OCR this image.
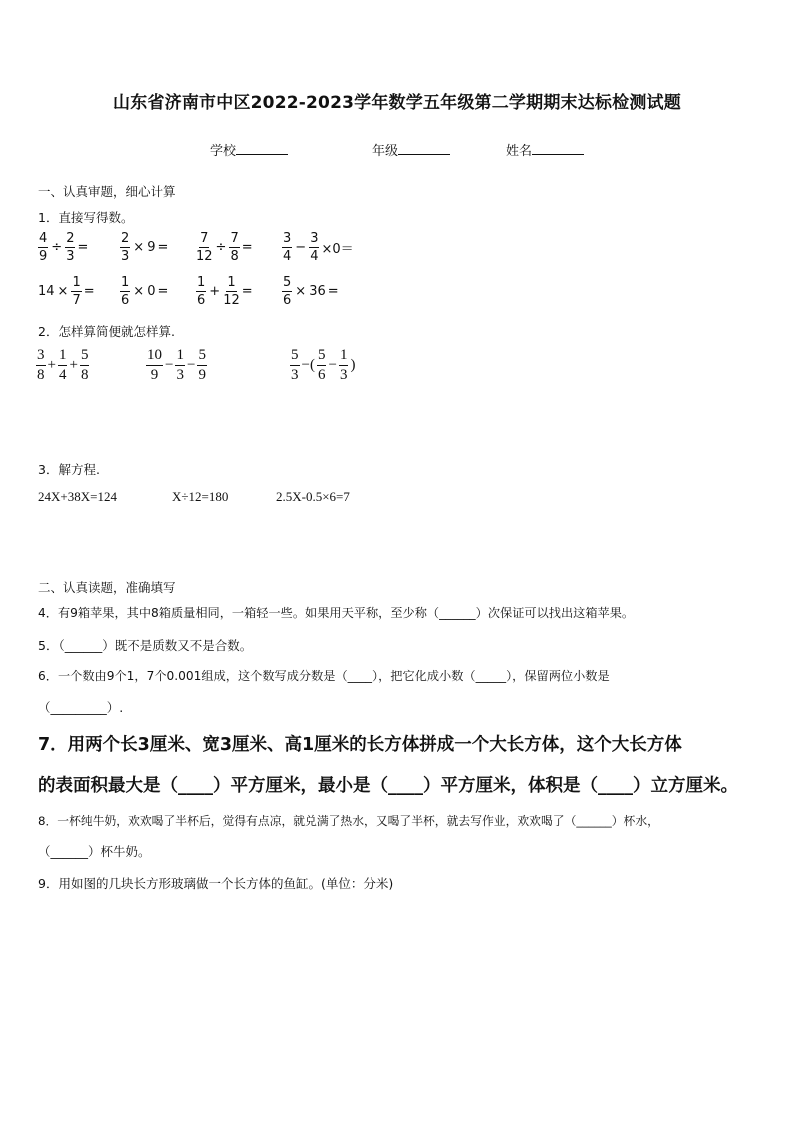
山东省济南市中区2022-2023学年数学五年级第二学期期末达标检测试题
学校	年级	姓名
一、认真审题，细心计算
1．直接写得数。
2．怎样算简便就怎样算.
3．解方程.
24X+38X=124	X÷12=180	2.5X-0.5×6=7
二、认真读题，准确填写
4．有9箱苹果，其中8箱质量相同，一箱轻一些。如果用天平称，至少称（______）次保证可以找出这箱苹果。
5．（______）既不是质数又不是合数。
6．一个数由9个1，7个0.001组成，这个数写成分数是（____），把它化成小数（_____），保留两位小数是
（_________）.
7．用两个长3厘米、宽3厘米、高1厘米的长方体拼成一个大长方体，这个大长方体
的表面积最大是（____）平方厘米，最小是（____）平方厘米，体积是（____）立方厘米。
8．一杯纯牛奶，欢欢喝了半杯后，觉得有点凉，就兑满了热水，又喝了半杯，就去写作业，欢欢喝了（______）杯水，
（______）杯牛奶。
9．用如图的几块长方形玻璃做一个长方体的鱼缸。(单位：分米)
$\frac{4}{9} \div \frac{2}{3} = \frac{2}{3} \times 9 = \frac{7}{12} \div \frac{7}{8} = \frac{3}{4} - \frac{3}{4} \times 0=$
$14 \times \frac{1}{7} = \frac{1}{6} \times 0 = \frac{1}{6} + \frac{1}{12} = \frac{5}{6} \times 36$ =
$\frac{3}{8} + \frac{1}{4} + \frac{5}{8}$	$\frac{10}{9} - \frac{1}{3} - \frac{5}{9}$	$\frac{5}{3}$ −( $\frac{5}{6} - \frac{1}{3}$ )
